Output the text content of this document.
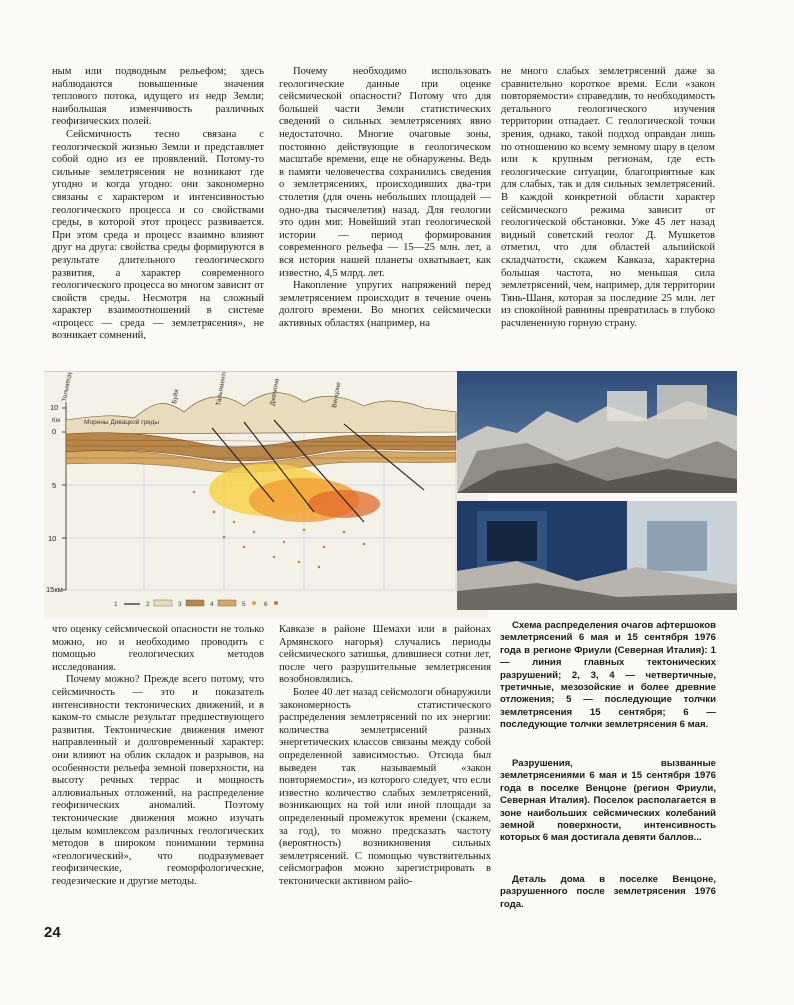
ным или подводным рельефом; здесь наблюдаются повышенные значения теплового потока, идущего из недр Земли; наибольшая изменчивость различных геофизических полей.

Сейсмичность тесно связана с геологической жизнью Земли и представляет собой одно из ее проявлений. Потому-то сильные землетрясения не возникают где угодно и когда угодно: они закономерно связаны с характером и интенсивностью геологического процесса и со свойствами среды, в которой этот процесс развивается. При этом среда и процесс взаимно влияют друг на друга: свойства среды формируются в результате длительного геологического развития, а характер современного геологического процесса во многом зависит от свойств среды. Несмотря на сложный характер взаимоотношений в системе «процесс — среда — землетрясения», не возникает сомнений,

Почему необходимо использовать геологические данные при оценке сейсмической опасности? Потому что для большей части Земли статистических сведений о сильных землетрясениях явно недостаточно. Многие очаговые зоны, постоянно действующие в геологическом масштабе времени, еще не обнаружены. Ведь в памяти человечества сохранились сведения о землетрясениях, происходивших два-три столетия (для очень небольших площадей — одно-два тысячелетия) назад. Для геологии это один миг. Новейший этап геологической истории — период формирования современного рельефа — 15—25 млн. лет, а вся история нашей планеты охватывает, как известно, 4,5 млрд. лет.

Накопление упругих напряжений перед землетрясением происходит в течение очень долгого времени. Во многих сейсмически активных областях (например, на

не много слабых землетрясений даже за сравнительно короткое время. Если «закон повторяемости» справедлив, то необходимость детального геологического изучения территории отпадает. С геологической точки зрения, однако, такой подход оправдан лишь по отношению ко всему земному шару в целом или к крупным регионам, где есть геологические ситуации, благоприятные как для слабых, так и для сильных землетрясений. В каждой конкретной области характер сейсмического режима зависит от геологической обстановки. Уже 45 лет назад видный советский геолог Д. Мушкетов отметил, что для областей альпийской складчатости, скажем Кавказа, характерна большая частота, но меньшая сила землетрясений, чем, например, для территории Тянь-Шаня, которая за последние 25 млн. лет из спокойной равнины превратилась в глубоко расчлененную горную страну.

10
0
5
10
15км
Км
Тольмеццо	Буйя	Тальяменто	Джемона	Венцоне
Морены Дивацкой гряды
1	2	3	4	5	6

что оценку сейсмической опасности не только можно, но и необходимо проводить с помощью геологических методов исследования.

Почему можно? Прежде всего потому, что сейсмичность — это и показатель интенсивности тектонических движений, и в каком-то смысле результат предшествующего развития. Тектонические движения имеют направленный и долговременный характер: они влияют на облик складок и разрывов, на особенности рельефа земной поверхности, на высоту речных террас и мощность аллювиальных отложений, на распределение геофизических аномалий. Поэтому тектонические движения можно изучать целым комплексом различных геологических методов в широком понимании термина «геологический», что подразумевает геофизические, геоморфологические, геодезические и другие методы.

Кавказе в районе Шемахи или в районах Армянского нагорья) случались периоды сейсмического затишья, длившиеся сотни лет, после чего разрушительные землетрясения возобновлялись.

Более 40 лет назад сейсмологи обнаружили закономерность статистического распределения землетрясений по их энергии: количества землетрясений разных энергетических классов связаны между собой определенной зависимостью. Отсюда был выведен так называемый «закон повторяемости», из которого следует, что если известно количество слабых землетрясений, возникающих на той или иной площади за определенный промежуток времени (скажем, за год), то можно предсказать частоту (вероятность) возникновения сильных землетрясений. С помощью чувствительных сейсмографов можно зарегистрировать в тектонически активном райо-

Схема распределения очагов афтершоков землетрясений 6 мая и 15 сентября 1976 года в регионе Фриули (Северная Италия): 1 — линия главных тектонических разрушений; 2, 3, 4 — четвертичные, третичные, мезозойские и более древние отложения; 5 — последующие толчки землетрясения 15 сентября; 6 — последующие толчки землетрясения 6 мая.

Разрушения, вызванные землетрясениями 6 мая и 15 сентября 1976 года в поселке Венцоне (регион Фриули, Северная Италия). Поселок располагается в зоне наибольших сейсмических колебаний земной поверхности, интенсивность которых 6 мая достигала девяти баллов...

Деталь дома в поселке Венцоне, разрушенного после землетрясения 1976 года.

24
